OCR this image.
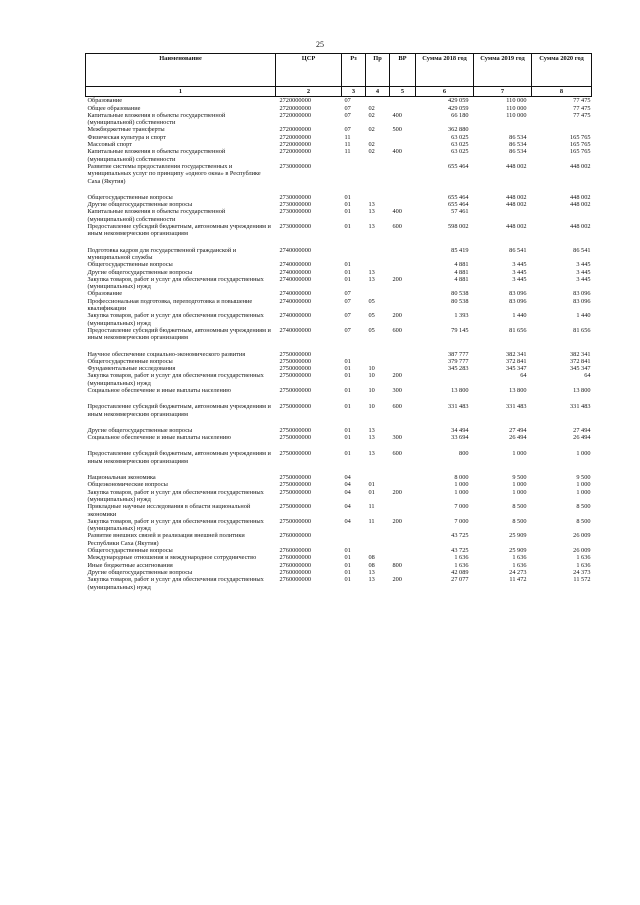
25
Наименование	ЦСР	Рз	Пр	ВР	Сумма 2018 год	Сумма 2019 год	Сумма 2020 год
1	2	3	4	5	6	7	8
Образование	2720000000	07			429 059	110 000	77 475
Общее образование	2720000000	07	02		429 059	110 000	77 475
Капитальные вложения в объекты государственной (муниципальной) собственности	2720000000	07	02	400	66 180	110 000	77 475
Межбюджетные трансферты	2720000000	07	02	500	362 880		
Физическая культура и спорт	2720000000	11			63 025	86 534	165 765
Массовый спорт	2720000000	11	02		63 025	86 534	165 765
Капитальные вложения в объекты государственной (муниципальной) собственности	2720000000	11	02	400	63 025	86 534	165 765
Развитие системы предоставления государственных и муниципальных услуг по принципу «одного окна» в Республике Саха (Якутия)	2730000000				655 464	448 002	448 002

Общегосударственные вопросы	2730000000	01			655 464	448 002	448 002
Другие общегосударственные вопросы	2730000000	01	13		655 464	448 002	448 002
Капитальные вложения в объекты государственной (муниципальной) собственности	2730000000	01	13	400	57 461		
Предоставление субсидий бюджетным, автономным учреждениям и иным некоммерческим организациям	2730000000	01	13	600	598 002	448 002	448 002

Подготовка кадров для государственной гражданской и муниципальной службы	2740000000				85 419	86 541	86 541
Общегосударственные вопросы	2740000000	01			4 881	3 445	3 445
Другие общегосударственные вопросы	2740000000	01	13		4 881	3 445	3 445
Закупка товаров, работ и услуг для обеспечения государственных (муниципальных) нужд	2740000000	01	13	200	4 881	3 445	3 445
Образование	2740000000	07			80 538	83 096	83 096
Профессиональная подготовка, переподготовка и повышение квалификации	2740000000	07	05		80 538	83 096	83 096
Закупка товаров, работ и услуг для обеспечения государственных (муниципальных) нужд	2740000000	07	05	200	1 393	1 440	1 440
Предоставление субсидий бюджетным, автономным учреждениям и иным некоммерческим организациям	2740000000	07	05	600	79 145	81 656	81 656

Научное обеспечение социально-экономического развития	2750000000				387 777	382 341	382 341
Общегосударственные вопросы	2750000000	01			379 777	372 841	372 841
Фундаментальные исследования	2750000000	01	10		345 283	345 347	345 347
Закупка товаров, работ и услуг для обеспечения государственных (муниципальных) нужд	2750000000	01	10	200		64	64
Социальное обеспечение и иные выплаты населению	2750000000	01	10	300	13 800	13 800	13 800

Предоставление субсидий бюджетным, автономным учреждениям и иным некоммерческим организациям	2750000000	01	10	600	331 483	331 483	331 483

Другие общегосударственные вопросы	2750000000	01	13		34 494	27 494	27 494
Социальное обеспечение и иные выплаты населению	2750000000	01	13	300	33 694	26 494	26 494

Предоставление субсидий бюджетным, автономным учреждениям и иным некоммерческим организациям	2750000000	01	13	600	800	1 000	1 000

Национальная экономика	2750000000	04			8 000	9 500	9 500
Общеэкономические вопросы	2750000000	04	01		1 000	1 000	1 000
Закупка товаров, работ и услуг для обеспечения государственных (муниципальных) нужд	2750000000	04	01	200	1 000	1 000	1 000
Прикладные научные исследования в области национальной экономики	2750000000	04	11		7 000	8 500	8 500
Закупка товаров, работ и услуг для обеспечения государственных (муниципальных) нужд	2750000000	04	11	200	7 000	8 500	8 500
Развитие внешних связей и реализация внешней политики Республики Саха (Якутия)	2760000000				43 725	25 909	26 009
Общегосударственные вопросы	2760000000	01			43 725	25 909	26 009
Международные отношения и международное сотрудничество	2760000000	01	08		1 636	1 636	1 636
Иные бюджетные ассигнования	2760000000	01	08	800	1 636	1 636	1 636
Другие общегосударственные вопросы	2760000000	01	13		42 089	24 273	24 373
Закупка товаров, работ и услуг для обеспечения государственных (муниципальных) нужд	2760000000	01	13	200	27 077	11 472	11 572
